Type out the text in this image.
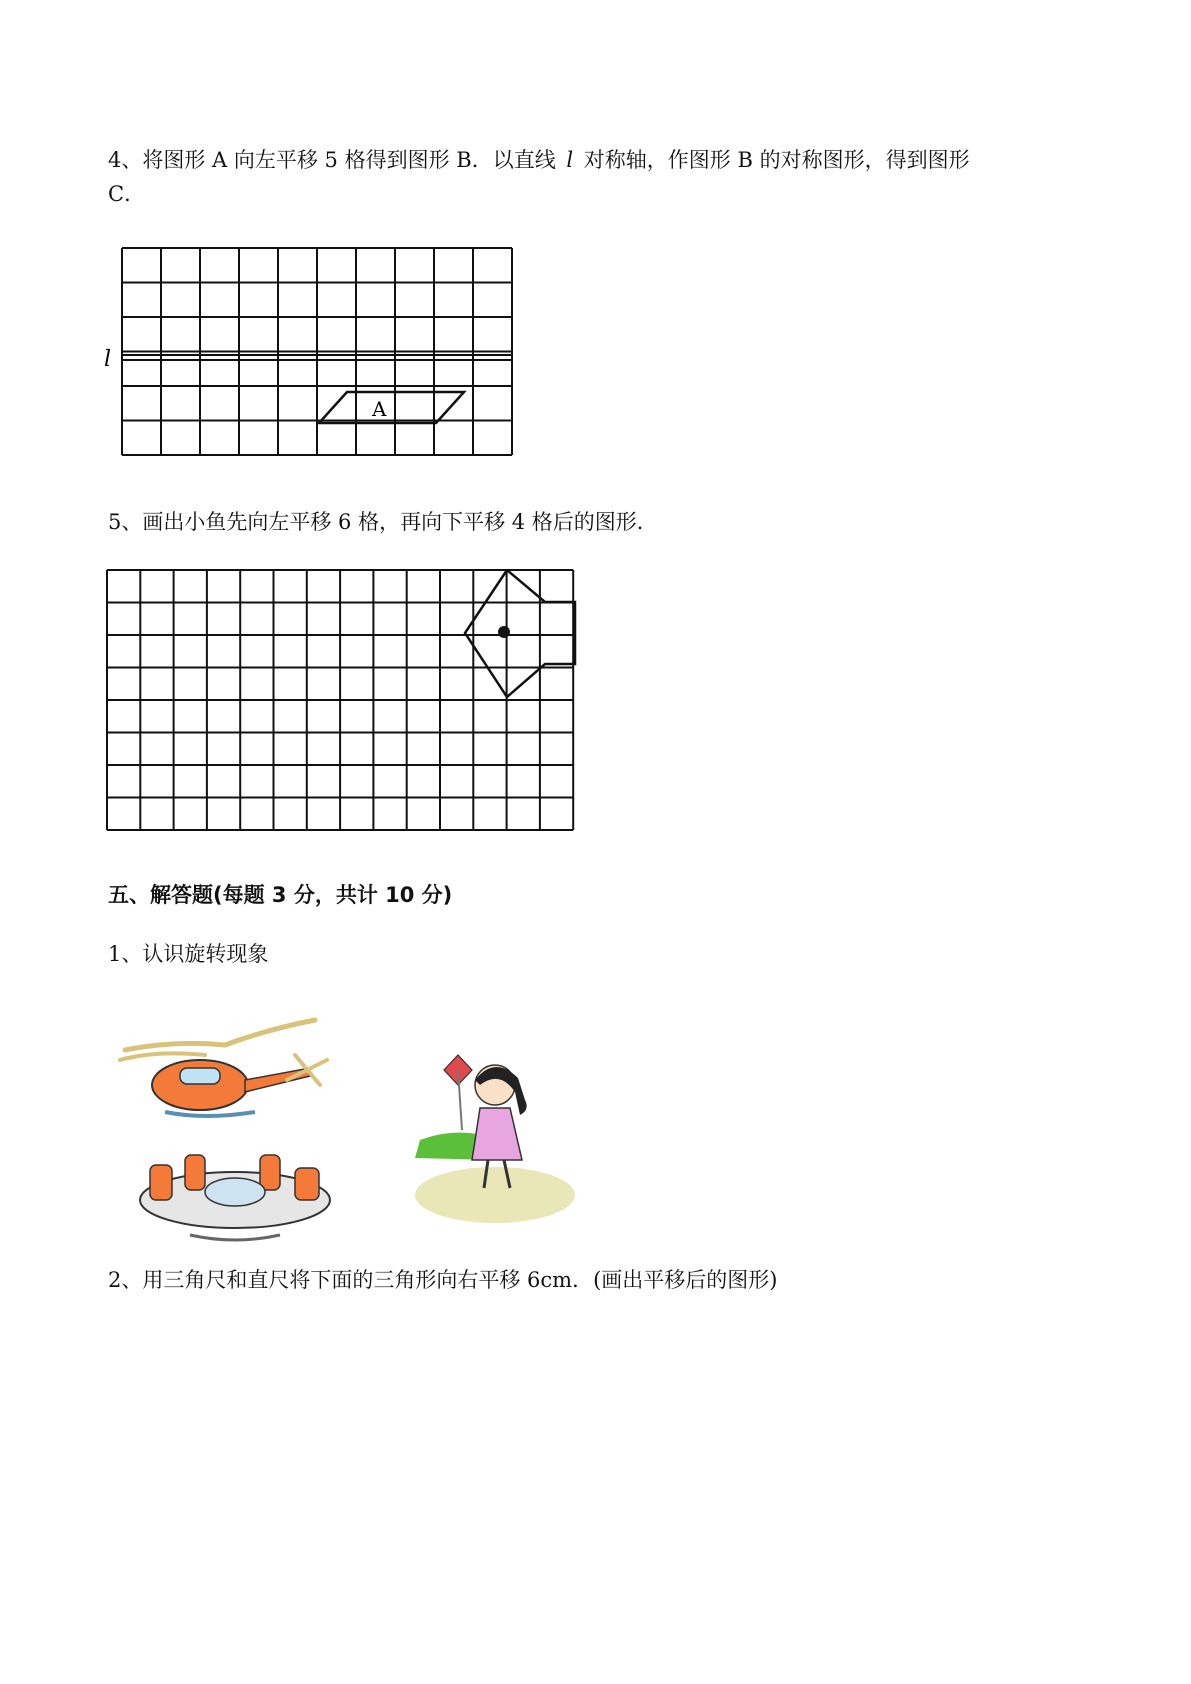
4、将图形 A 向左平移 5 格得到图形 B．以直线 l 对称轴，作图形 B 的对称图形，得到图形
C．
l
A
5、画出小鱼先向左平移 6 格，再向下平移 4 格后的图形．
五、解答题(每题 3 分，共计 10 分)
1、认识旋转现象
2、用三角尺和直尺将下面的三角形向右平移 6cm．(画出平移后的图形)
